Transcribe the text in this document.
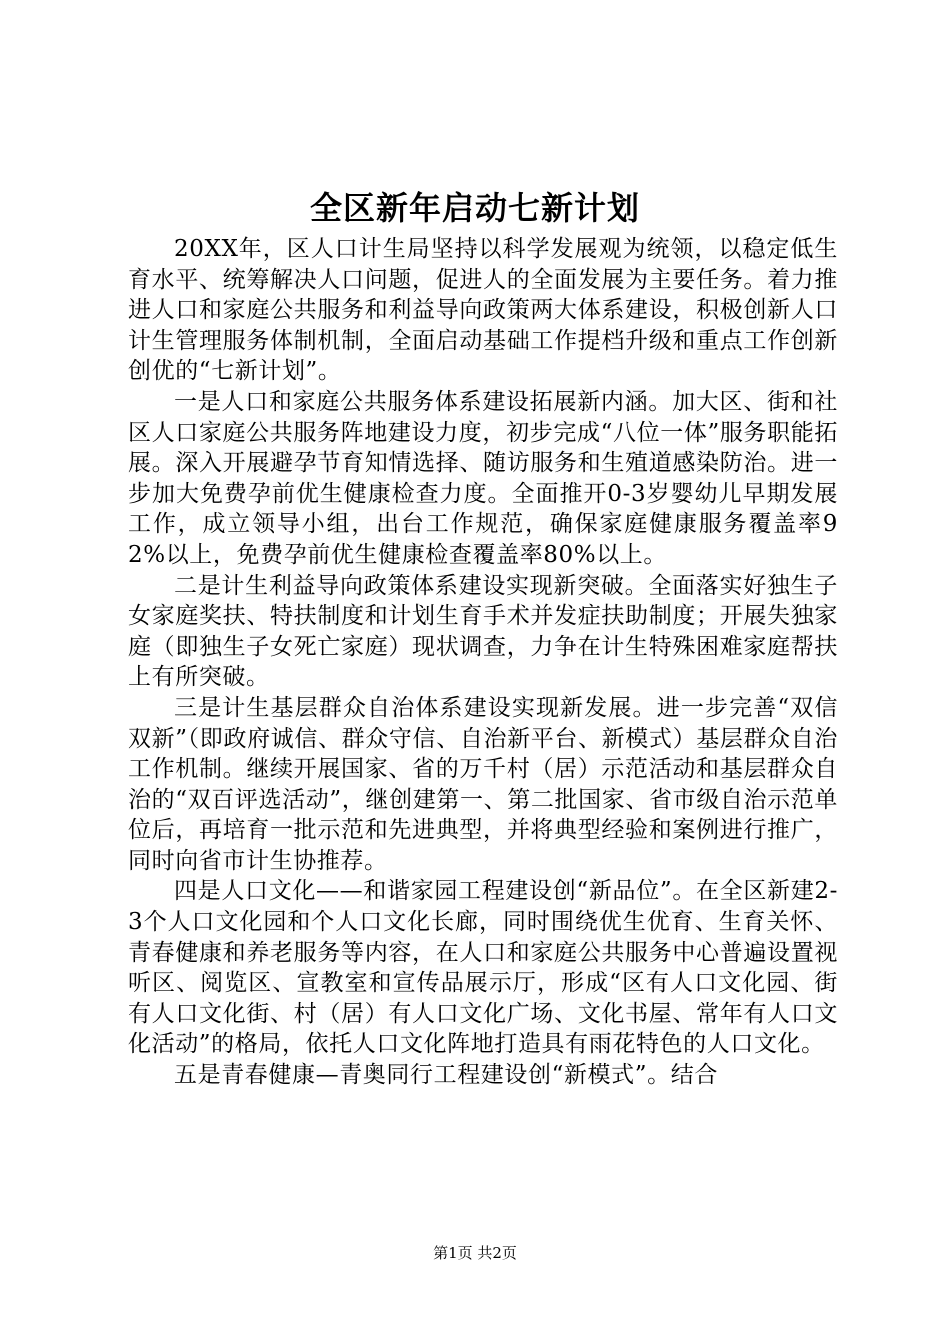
全区新年启动七新计划

20XX年，区人口计生局坚持以科学发展观为统领，以稳定低生育水平、统筹解决人口问题，促进人的全面发展为主要任务。着力推进人口和家庭公共服务和利益导向政策两大体系建设，积极创新人口计生管理服务体制机制，全面启动基础工作提档升级和重点工作创新创优的“七新计划”。

一是人口和家庭公共服务体系建设拓展新内涵。加大区、街和社区人口家庭公共服务阵地建设力度，初步完成“八位一体”服务职能拓展。深入开展避孕节育知情选择、随访服务和生殖道感染防治。进一步加大免费孕前优生健康检查力度。全面推开0-3岁婴幼儿早期发展工作，成立领导小组，出台工作规范，确保家庭健康服务覆盖率92%以上，免费孕前优生健康检查覆盖率80%以上。

二是计生利益导向政策体系建设实现新突破。全面落实好独生子女家庭奖扶、特扶制度和计划生育手术并发症扶助制度；开展失独家庭（即独生子女死亡家庭）现状调查，力争在计生特殊困难家庭帮扶上有所突破。

三是计生基层群众自治体系建设实现新发展。进一步完善“双信双新”（即政府诚信、群众守信、自治新平台、新模式）基层群众自治工作机制。继续开展国家、省的万千村（居）示范活动和基层群众自治的“双百评选活动”，继创建第一、第二批国家、省市级自治示范单位后，再培育一批示范和先进典型，并将典型经验和案例进行推广，同时向省市计生协推荐。

四是人口文化——和谐家园工程建设创“新品位”。在全区新建2-3个人口文化园和个人口文化长廊，同时围绕优生优育、生育关怀、青春健康和养老服务等内容，在人口和家庭公共服务中心普遍设置视听区、阅览区、宣教室和宣传品展示厅，形成“区有人口文化园、街有人口文化街、村（居）有人口文化广场、文化书屋、常年有人口文化活动”的格局，依托人口文化阵地打造具有雨花特色的人口文化。

五是青春健康—青奥同行工程建设创“新模式”。结合

第1页 共2页
